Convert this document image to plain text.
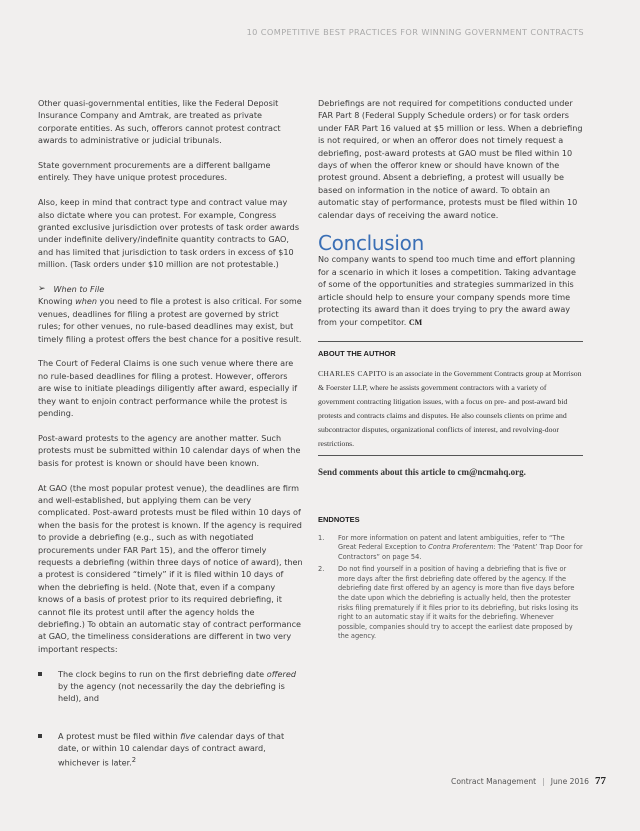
10 COMPETITIVE BEST PRACTICES FOR WINNING GOVERNMENT CONTRACTS

Other quasi-governmental entities, like the Federal Deposit Insurance Company and Amtrak, are treated as private corporate entities. As such, offerors cannot protest contract awards to administrative or judicial tribunals.

State government procurements are a different ballgame entirely. They have unique protest procedures.

Also, keep in mind that contract type and contract value may also dictate where you can protest. For example, Congress granted exclusive jurisdiction over protests of task order awards under indefinite delivery/indefinite quantity contracts to GAO, and has limited that jurisdiction to task orders in excess of $10 million. (Task orders under $10 million are not protestable.)

➢ When to File

Knowing when you need to file a protest is also critical. For some venues, deadlines for filing a protest are governed by strict rules; for other venues, no rule-based deadlines may exist, but timely filing a protest offers the best chance for a positive result.

The Court of Federal Claims is one such venue where there are no rule-based deadlines for filing a protest. However, offerors are wise to initiate pleadings diligently after award, especially if they want to enjoin contract performance while the protest is pending.

Post-award protests to the agency are another matter. Such protests must be submitted within 10 calendar days of when the basis for protest is known or should have been known.

At GAO (the most popular protest venue), the deadlines are firm and well-established, but applying them can be very complicated. Post-award protests must be filed within 10 days of when the basis for the protest is known. If the agency is required to provide a debriefing (e.g., such as with negotiated procurements under FAR Part 15), and the offeror timely requests a debriefing (within three days of notice of award), then a protest is considered “timely” if it is filed within 10 days of when the debriefing is held. (Note that, even if a company knows of a basis of protest prior to its required debriefing, it cannot file its protest until after the agency holds the debriefing.) To obtain an automatic stay of contract performance at GAO, the timeliness considerations are different in two very important respects:

The clock begins to run on the first debriefing date offered by the agency (not necessarily the day the debriefing is held), and
A protest must be filed within five calendar days of that date, or within 10 calendar days of contract award, whichever is later.$^2$

Debriefings are not required for competitions conducted under FAR Part 8 (Federal Supply Schedule orders) or for task orders under FAR Part 16 valued at $5 million or less. When a debriefing is not required, or when an offeror does not timely request a debriefing, post-award protests at GAO must be filed within 10 days of when the offeror knew or should have known of the protest ground. Absent a debriefing, a protest will usually be based on information in the notice of award. To obtain an automatic stay of performance, protests must be filed within 10 calendar days of receiving the award notice.

Conclusion

No company wants to spend too much time and effort planning for a scenario in which it loses a competition. Taking advantage of some of the opportunities and strategies summarized in this article should help to ensure your company spends more time protecting its award than it does trying to pry the award away from your competitor. CM

ABOUT THE AUTHOR
CHARLES CAPITO is an associate in the Government Contracts group at Morrison & Foerster LLP, where he assists government contractors with a variety of government contracting litigation issues, with a focus on pre- and post-award bid protests and contracts claims and disputes. He also counsels clients on prime and subcontractor disputes, organizational conflicts of interest, and revolving-door restrictions.
Send comments about this article to cm@ncmahq.org.
ENDNOTES
1. For more information on patent and latent ambiguities, refer to “The Great Federal Exception to Contra Proferentem: The ‘Patent’ Trap Door for Contractors” on page 54.
2. Do not find yourself in a position of having a debriefing that is five or more days after the first debriefing date offered by the agency. If the debriefing date first offered by an agency is more than five days before the date upon which the debriefing is actually held, then the protester risks filing prematurely if it files prior to its debriefing, but risks losing its right to an automatic stay if it waits for the debriefing. Whenever possible, companies should try to accept the earliest date proposed by the agency.
Contract Management | June 2016 77
